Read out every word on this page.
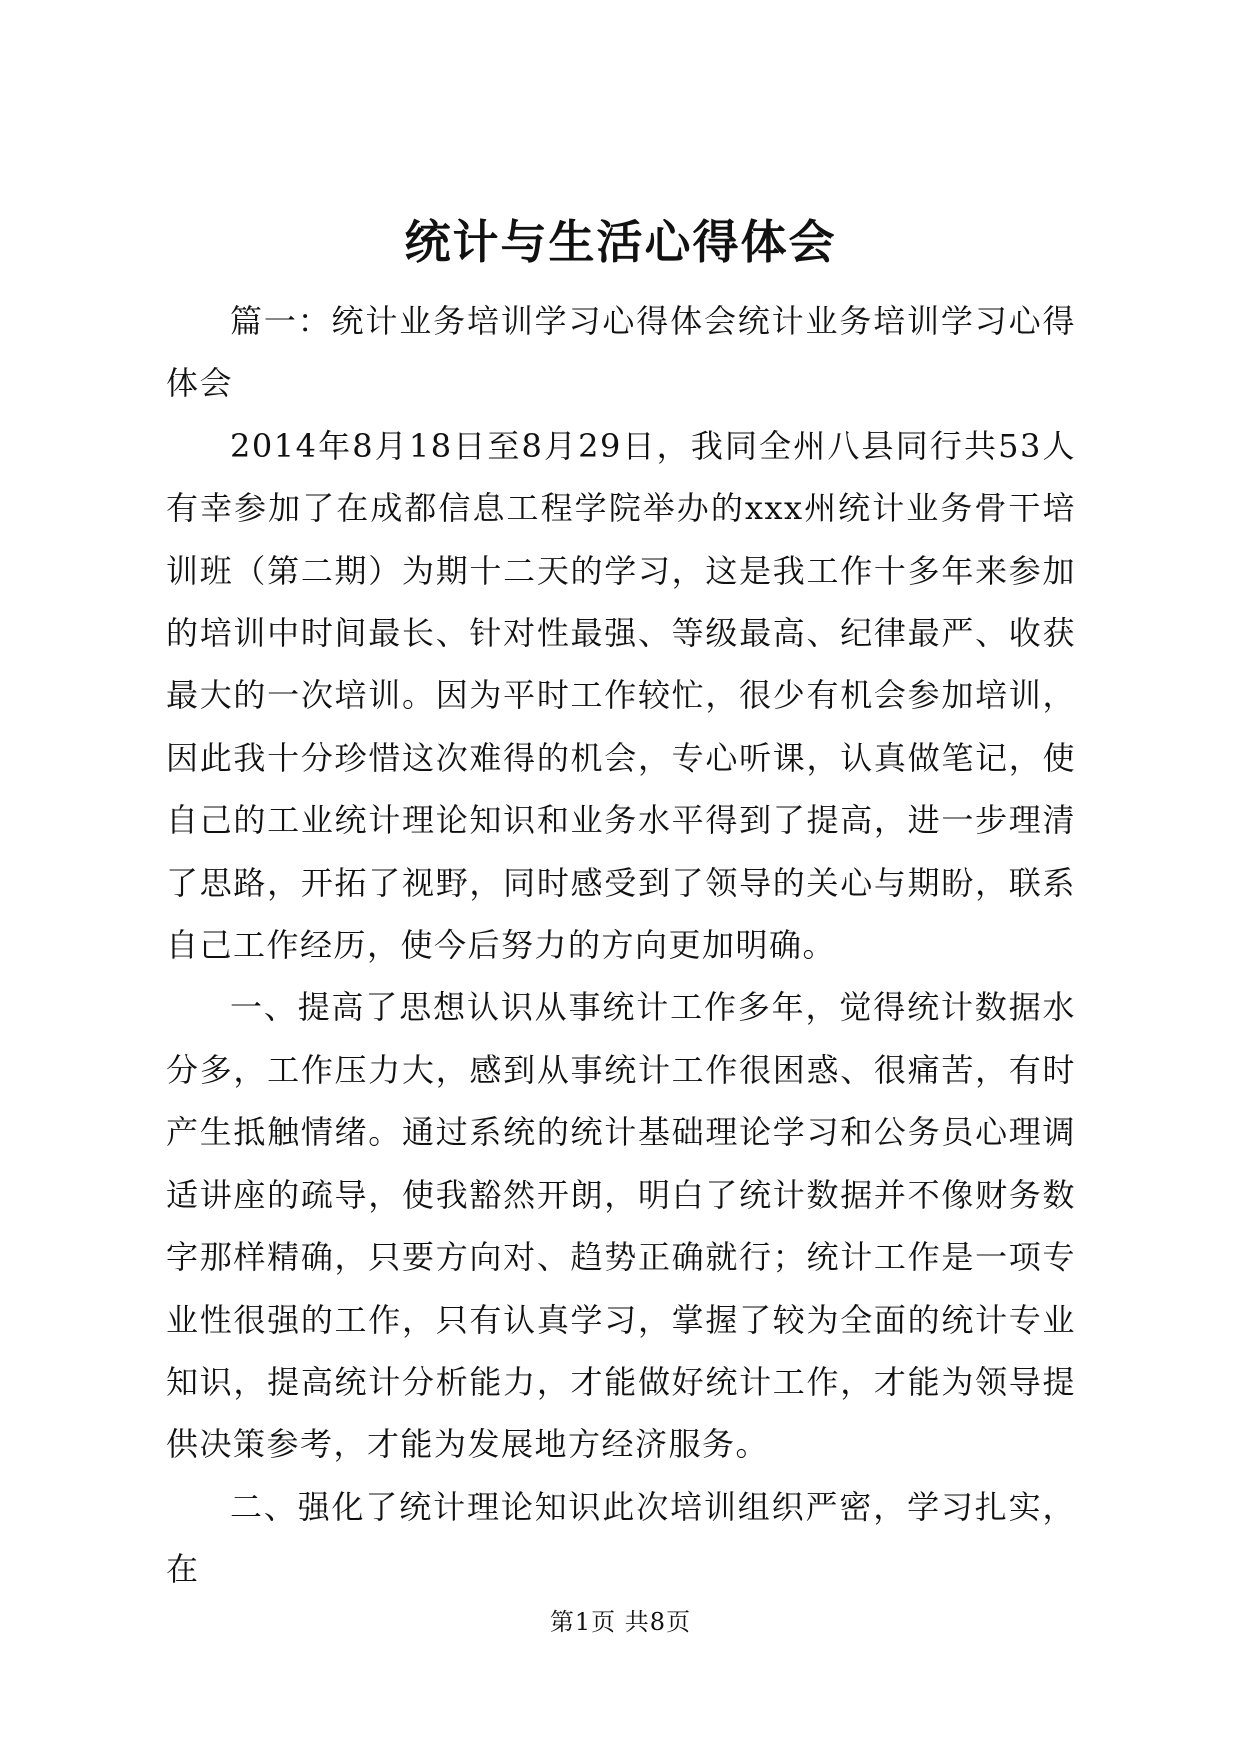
统计与生活心得体会

篇一：统计业务培训学习心得体会统计业务培训学习心得体会

2014年8月18日至8月29日，我同全州八县同行共53人有幸参加了在成都信息工程学院举办的xxx州统计业务骨干培训班（第二期）为期十二天的学习，这是我工作十多年来参加的培训中时间最长、针对性最强、等级最高、纪律最严、收获最大的一次培训。因为平时工作较忙，很少有机会参加培训，因此我十分珍惜这次难得的机会，专心听课，认真做笔记，使自己的工业统计理论知识和业务水平得到了提高，进一步理清了思路，开拓了视野，同时感受到了领导的关心与期盼，联系自己工作经历，使今后努力的方向更加明确。

一、提高了思想认识从事统计工作多年，觉得统计数据水分多，工作压力大，感到从事统计工作很困惑、很痛苦，有时产生抵触情绪。通过系统的统计基础理论学习和公务员心理调适讲座的疏导，使我豁然开朗，明白了统计数据并不像财务数字那样精确，只要方向对、趋势正确就行；统计工作是一项专业性很强的工作，只有认真学习，掌握了较为全面的统计专业知识，提高统计分析能力，才能做好统计工作，才能为领导提供决策参考，才能为发展地方经济服务。

二、强化了统计理论知识此次培训组织严密，学习扎实，在

第1页 共8页
